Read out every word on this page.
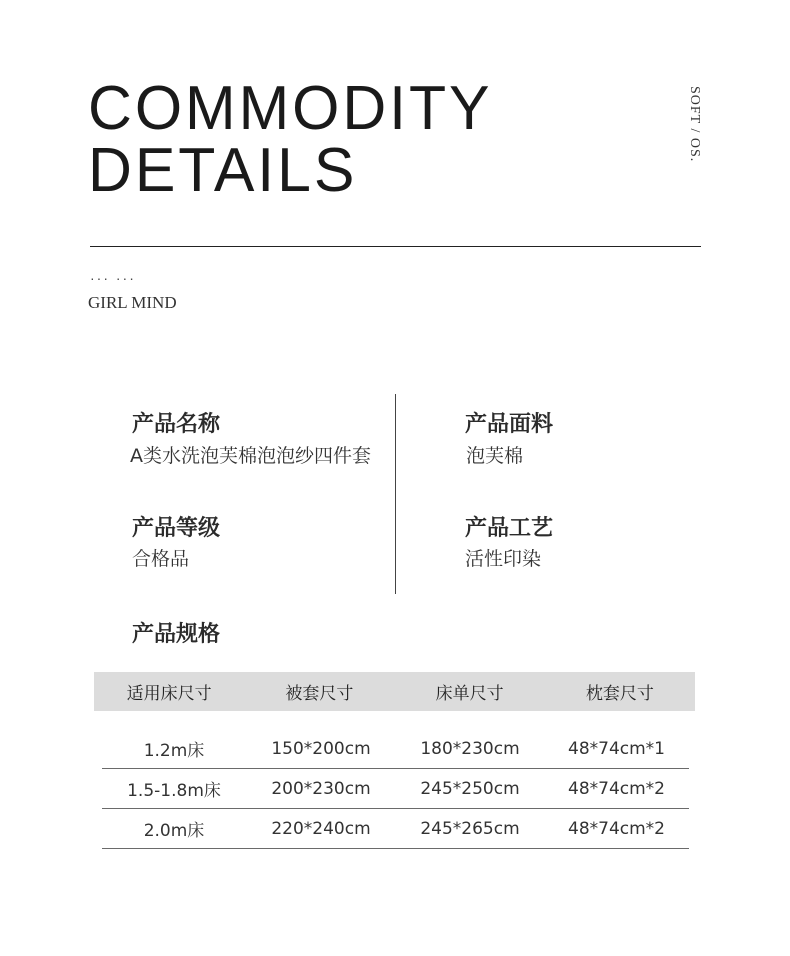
COMMODITY
DETAILS
SOFT / OS.
··· ···
GIRL MIND
产品名称
A类水洗泡芙棉泡泡纱四件套
产品面料
泡芙棉
产品等级
合格品
产品工艺
活性印染
产品规格
适用床尺寸	被套尺寸	床单尺寸	枕套尺寸
1.2m床	150*200cm	180*230cm	48*74cm*1
1.5-1.8m床	200*230cm	245*250cm	48*74cm*2
2.0m床	220*240cm	245*265cm	48*74cm*2
